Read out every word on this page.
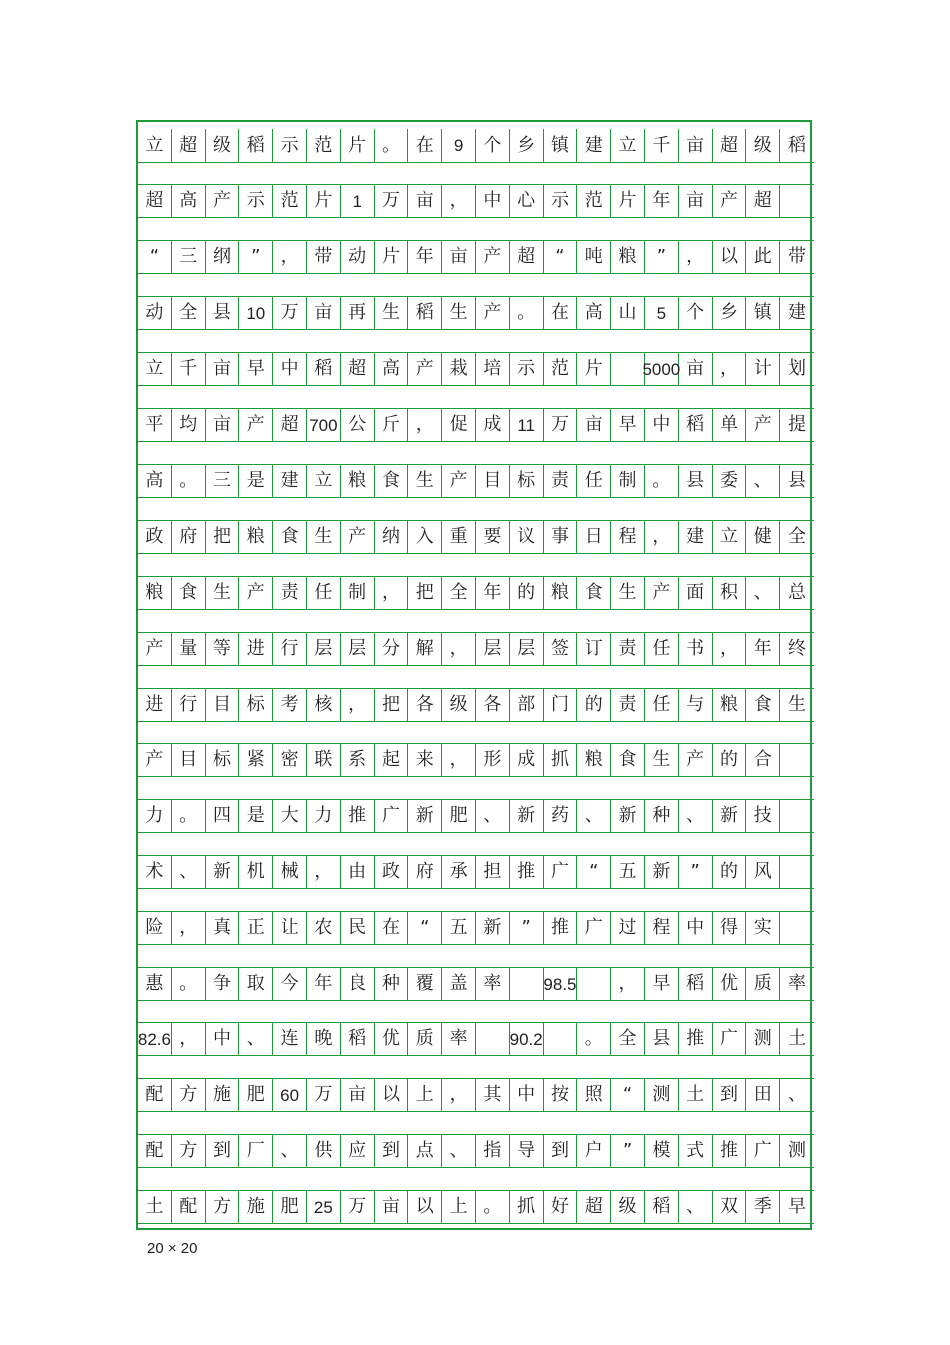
立 超 级 稻 示 范 片 。 在	9	个 乡 镇 建 立 千 亩 超 级 稻
超 高 产 示 范 片	1	万 亩 ， 中 心 示 范 片 年 亩 产 超
“	三 纲	”	， 带 动 片 年 亩 产 超	“	吨 粮	”	， 以 此 带
动 全 县 10 万 亩 再 生 稻 生 产 。 在 高 山	5	个 乡 镇 建
立 千 亩 早 中 稻 超 高 产 栽 培 示 范 片	5000 亩 ， 计 划
平 均 亩 产 超 700 公 斤 ， 促 成 11 万 亩 早 中 稻 单 产 提
高 。 三 是 建 立 粮 食 生 产 目 标 责 任 制 。 县 委 、 县
政 府 把 粮 食 生 产 纳 入 重 要 议 事 日 程 ， 建 立 健 全
粮 食 生 产 责 任 制 ， 把 全 年 的 粮 食 生 产 面 积 、 总
产 量 等 进 行 层 层 分 解 ， 层 层 签 订 责 任 书 ， 年 终
进 行 目 标 考 核 ， 把 各 级 各 部 门 的 责 任 与 粮 食 生
产 目 标 紧 密 联 系 起 来 ， 形 成 抓 粮 食 生 产 的 合
力 。 四 是 大 力 推 广 新 肥 、 新 药 、 新 种 、 新 技
术 、 新 机 械 ， 由 政 府 承 担 推 广	“	五 新	”	的 风
险 ， 真 正 让 农 民 在	“	五 新	”	推 广 过 程 中 得 实
惠 。 争 取 今 年 良 种 覆 盖 率	98.5	， 早 稻 优 质 率
82.6 ， 中 、 连 晚 稻 优 质 率	90.2	。 全 县 推 广 测 土
配 方 施 肥 60 万 亩 以 上 ， 其 中 按 照	“	测 土 到 田 、
配 方 到 厂 、 供 应 到 点 、 指 导 到 户	”	模 式 推 广 测
土 配 方 施 肥 25 万 亩 以 上 。 抓 好 超 级 稻 、 双 季 早
20 × 20
